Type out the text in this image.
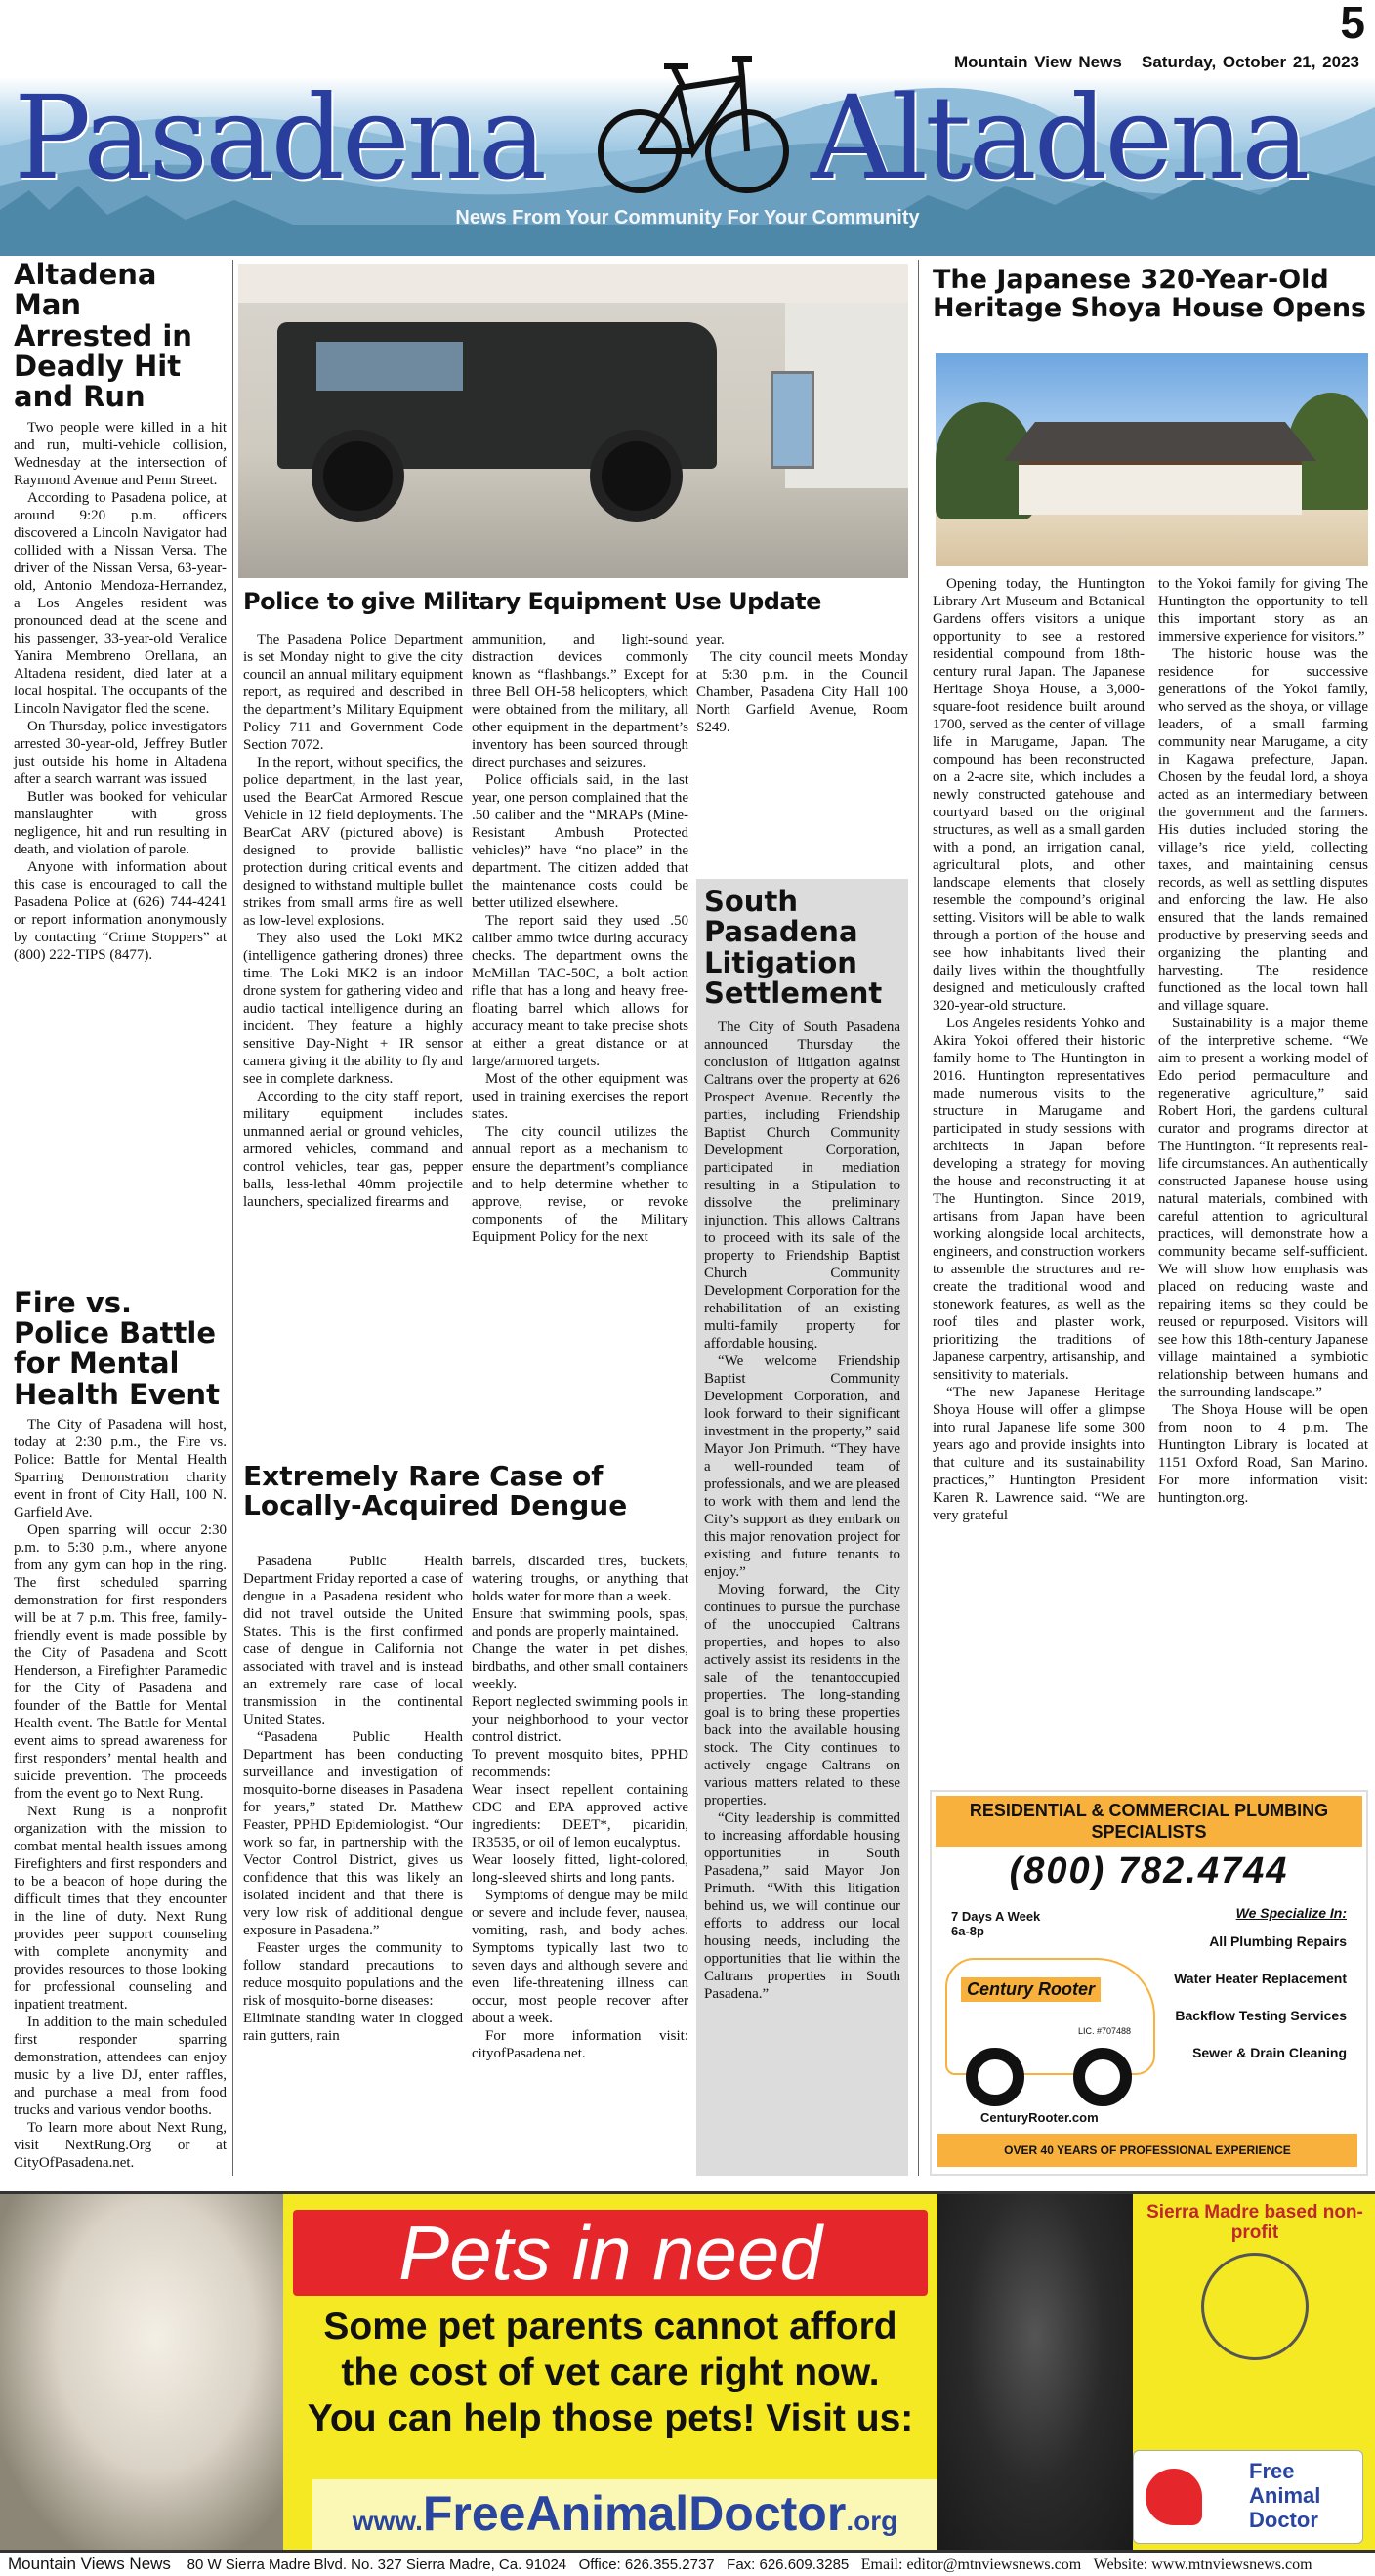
Pasadena Altadena
5
Mountain View News Saturday, October 21, 2023
News From Your Community For Your Community
Altadena Man Arrested in Deadly Hit and Run

Two people were killed in a hit and run, multi-vehicle collision, Wednesday at the intersection of Raymond Avenue and Penn Street.

According to Pasadena police, at around 9:20 p.m. officers discovered a Lincoln Navigator had collided with a Nissan Versa. The driver of the Nissan Versa, 63-year-old, Antonio Mendoza-Hernandez, a Los Angeles resident was pronounced dead at the scene and his passenger, 33-year-old Veralice Yanira Membreno Orellana, an Altadena resident, died later at a local hospital. The occupants of the Lincoln Navigator fled the scene.

On Thursday, police investigators arrested 30-year-old, Jeffrey Butler just outside his home in Altadena after a search warrant was issued

Butler was booked for vehicular manslaughter with gross negligence, hit and run resulting in death, and violation of parole.

Anyone with information about this case is encouraged to call the Pasadena Police at (626) 744-4241 or report information anonymously by contacting “Crime Stoppers” at (800) 222-TIPS (8477).

Fire vs. Police Battle for Mental Health Event

The City of Pasadena will host, today at 2:30 p.m., the Fire vs. Police: Battle for Mental Health Sparring Demonstration charity event in front of City Hall, 100 N. Garfield Ave.

Open sparring will occur 2:30 p.m. to 5:30 p.m., where anyone from any gym can hop in the ring. The first scheduled sparring demonstration for first responders will be at 7 p.m. This free, family-friendly event is made possible by the City of Pasadena and Scott Henderson, a Firefighter Paramedic for the City of Pasadena and founder of the Battle for Mental Health event. The Battle for Mental event aims to spread awareness for first responders’ mental health and suicide prevention. The proceeds from the event go to Next Rung.

Next Rung is a nonprofit organization with the mission to combat mental health issues among Firefighters and first responders and to be a beacon of hope during the difficult times that they encounter in the line of duty. Next Rung provides peer support counseling with complete anonymity and provides resources to those looking for professional counseling and inpatient treatment.

In addition to the main scheduled first responder sparring demonstration, attendees can enjoy music by a live DJ, enter raffles, and purchase a meal from food trucks and various vendor booths.

To learn more about Next Rung, visit NextRung.Org or at CityOfPasadena.net.

Police to give Military Equipment Use Update

The Pasadena Police Department is set Monday night to give the city council an annual military equipment report, as required and described in the department’s Military Equipment Policy 711 and Government Code Section 7072.

In the report, without specifics, the police department, in the last year, used the BearCat Armored Rescue Vehicle in 12 field deployments. The BearCat ARV (pictured above) is designed to provide ballistic protection during critical events and designed to withstand multiple bullet strikes from small arms fire as well as low-level explosions.

They also used the Loki MK2 (intelligence gathering drones) three time. The Loki MK2 is an indoor drone system for gathering video and audio tactical intelligence during an incident. They feature a highly sensitive Day-Night + IR sensor camera giving it the ability to fly and see in complete darkness.

According to the city staff report, military equipment includes unmanned aerial or ground vehicles, armored vehicles, command and control vehicles, tear gas, pepper balls, less-lethal 40mm projectile launchers, specialized firearms and

ammunition, and light-sound distraction devices commonly known as “flashbangs.” Except for three Bell OH-58 helicopters, which were obtained from the military, all other equipment in the department’s inventory has been sourced through direct purchases and seizures.

Police officials said, in the last year, one person complained that the .50 caliber and the “MRAPs (Mine-Resistant Ambush Protected vehicles)” have “no place” in the department. The citizen added that the maintenance costs could be better utilized elsewhere.

The report said they used .50 caliber ammo twice during accuracy checks. The department owns the McMillan TAC-50C, a bolt action rifle that has a long and heavy free-floating barrel which allows for accuracy meant to take precise shots at either a great distance or at large/armored targets.

Most of the other equipment was used in training exercises the report states.

The city council utilizes the annual report as a mechanism to ensure the department’s compliance and to help determine whether to approve, revise, or revoke components of the Military Equipment Policy for the next

year.

The city council meets Monday at 5:30 p.m. in the Council Chamber, Pasadena City Hall 100 North Garfield Avenue, Room S249.

South Pasadena Litigation Settlement

The City of South Pasadena announced Thursday the conclusion of litigation against Caltrans over the property at 626 Prospect Avenue. Recently the parties, including Friendship Baptist Church Community Development Corporation, participated in mediation resulting in a Stipulation to dissolve the preliminary injunction. This allows Caltrans to proceed with its sale of the property to Friendship Baptist Church Community Development Corporation for the rehabilitation of an existing multi-family property for affordable housing.

“We welcome Friendship Baptist Community Development Corporation, and look forward to their significant investment in the property,” said Mayor Jon Primuth. “They have a well-rounded team of professionals, and we are pleased to work with them and lend the City’s support as they embark on this major renovation project for existing and future tenants to enjoy.”

Moving forward, the City continues to pursue the purchase of the unoccupied Caltrans properties, and hopes to also actively assist its residents in the sale of the tenantoccupied properties. The long-standing goal is to bring these properties back into the available housing stock. The City continues to actively engage Caltrans on various matters related to these properties.

“City leadership is committed to increasing affordable housing opportunities in South Pasadena,” said Mayor Jon Primuth. “With this litigation behind us, we will continue our efforts to address our local housing needs, including the opportunities that lie within the Caltrans properties in South Pasadena.”

Extremely Rare Case of Locally-Acquired Dengue

Pasadena Public Health Department Friday reported a case of dengue in a Pasadena resident who did not travel outside the United States. This is the first confirmed case of dengue in California not associated with travel and is instead an extremely rare case of local transmission in the continental United States.

“Pasadena Public Health Department has been conducting surveillance and investigation of mosquito-borne diseases in Pasadena for years,” stated Dr. Matthew Feaster, PPHD Epidemiologist. “Our work so far, in partnership with the Vector Control District, gives us confidence that this was likely an isolated incident and that there is very low risk of additional dengue exposure in Pasadena.”

Feaster urges the community to follow standard precautions to reduce mosquito populations and the risk of mosquito-borne diseases:

Eliminate standing water in clogged rain gutters, rain

barrels, discarded tires, buckets, watering troughs, or anything that holds water for more than a week.

Ensure that swimming pools, spas, and ponds are properly maintained.
Change the water in pet dishes, birdbaths, and other small containers weekly.
Report neglected swimming pools in your neighborhood to your vector control district.
To prevent mosquito bites, PPHD recommends:
Wear insect repellent containing CDC and EPA approved active ingredients: DEET*, picaridin, IR3535, or oil of lemon eucalyptus.
Wear loosely fitted, light-colored, long-sleeved shirts and long pants.

Symptoms of dengue may be mild or severe and include fever, nausea, vomiting, rash, and body aches. Symptoms typically last two to seven days and although severe and even life-threatening illness can occur, most people recover after about a week.

For more information visit: cityofPasadena.net.

The Japanese 320-Year-Old Heritage Shoya House Opens

Opening today, the Huntington Library Art Museum and Botanical Gardens offers visitors a unique opportunity to see a restored residential compound from 18th-century rural Japan. The Japanese Heritage Shoya House, a 3,000-square-foot residence built around 1700, served as the center of village life in Marugame, Japan. The compound has been reconstructed on a 2-acre site, which includes a newly constructed gatehouse and courtyard based on the original structures, as well as a small garden with a pond, an irrigation canal, agricultural plots, and other landscape elements that closely resemble the compound’s original setting. Visitors will be able to walk through a portion of the house and see how inhabitants lived their daily lives within the thoughtfully designed and meticulously crafted 320-year-old structure.

Los Angeles residents Yohko and Akira Yokoi offered their historic family home to The Huntington in 2016. Huntington representatives made numerous visits to the structure in Marugame and participated in study sessions with architects in Japan before developing a strategy for moving the house and reconstructing it at The Huntington. Since 2019, artisans from Japan have been working alongside local architects, engineers, and construction workers to assemble the structures and re-create the traditional wood and stonework features, as well as the roof tiles and plaster work, prioritizing the traditions of Japanese carpentry, artisanship, and sensitivity to materials.

“The new Japanese Heritage Shoya House will offer a glimpse into rural Japanese life some 300 years ago and provide insights into that culture and its sustainability practices,” Huntington President Karen R. Lawrence said. “We are very grateful

to the Yokoi family for giving The Huntington the opportunity to tell this important story as an immersive experience for visitors.”

The historic house was the residence for successive generations of the Yokoi family, who served as the shoya, or village leaders, of a small farming community near Marugame, a city in Kagawa prefecture, Japan. Chosen by the feudal lord, a shoya acted as an intermediary between the government and the farmers. His duties included storing the village’s rice yield, collecting taxes, and maintaining census records, as well as settling disputes and enforcing the law. He also ensured that the lands remained productive by preserving seeds and organizing the planting and harvesting. The residence functioned as the local town hall and village square.

Sustainability is a major theme of the interpretive scheme. “We aim to present a working model of Edo period permaculture and regenerative agriculture,” said Robert Hori, the gardens cultural curator and programs director at The Huntington. “It represents real-life circumstances. An authentically constructed Japanese house using natural materials, combined with careful attention to agricultural practices, will demonstrate how a community became self-sufficient. We will show how emphasis was placed on reducing waste and repairing items so they could be reused or repurposed. Visitors will see how this 18th-century Japanese village maintained a symbiotic relationship between humans and the surrounding landscape.”

The Shoya House will be open from noon to 4 p.m. The Huntington Library is located at 1151 Oxford Road, San Marino. For more information visit: huntington.org.

RESIDENTIAL & COMMERCIAL PLUMBING SPECIALISTS
(800) 782.4744
7 Days A Week
6a-8p
We Specialize In:
All Plumbing Repairs
Water Heater Replacement
Backflow Testing Services
Sewer & Drain Cleaning
Century Rooter
LIC. #707488
CenturyRooter.com
OVER 40 YEARS OF PROFESSIONAL EXPERIENCE
Pets in need
Some pet parents cannot afford
the cost of vet care right now.
You can help those pets! Visit us:
www.FreeAnimalDoctor.org
Sierra Madre based non-profit
Free Animal Doctor
Mountain Views News 80 W Sierra Madre Blvd. No. 327 Sierra Madre, Ca. 91024 Office: 626.355.2737 Fax: 626.609.3285 Email: editor@mtnviewsnews.com Website: www.mtnviewsnews.com
